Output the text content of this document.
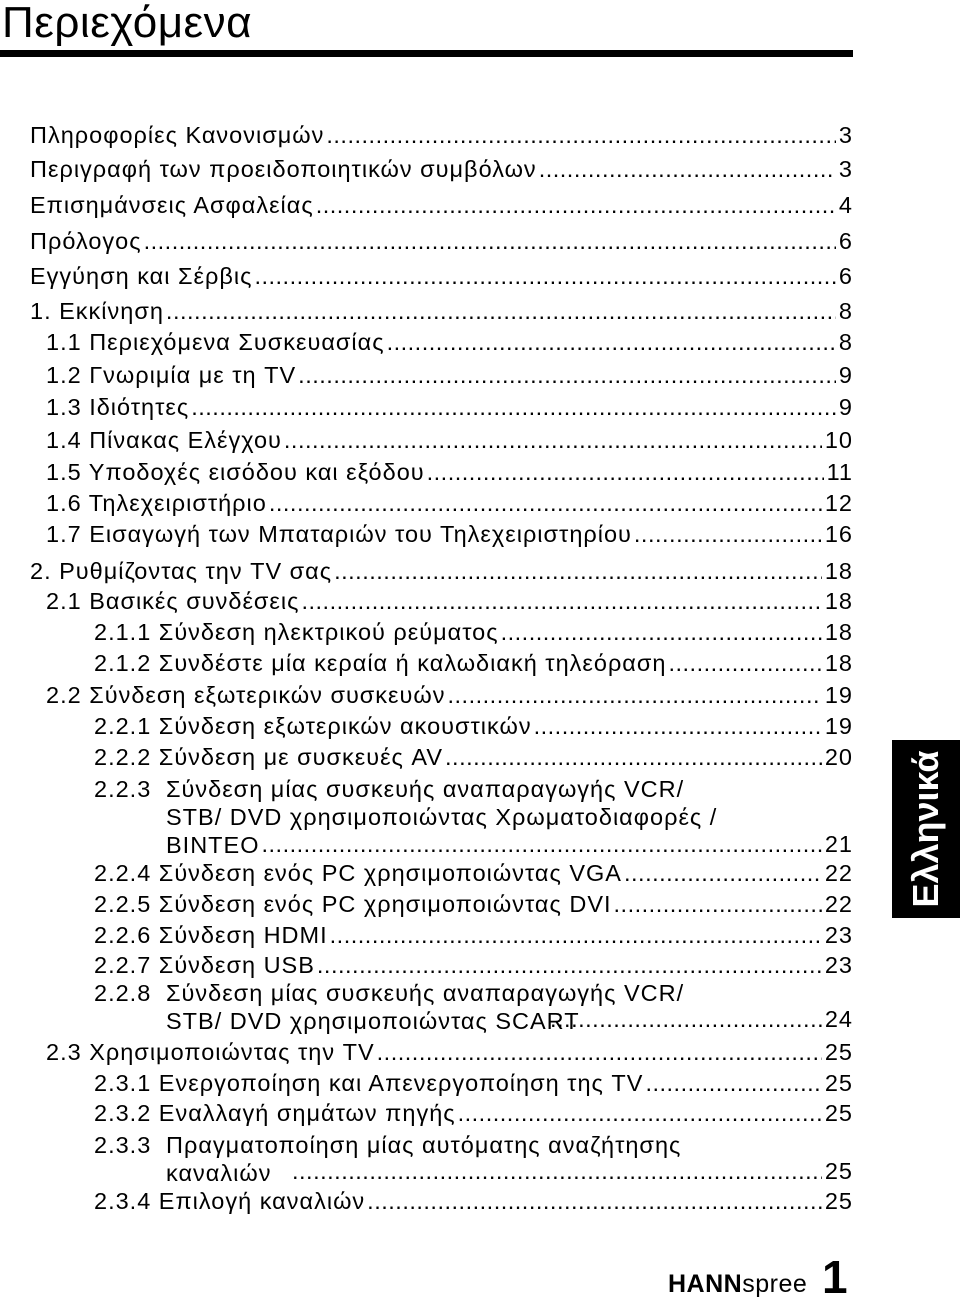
Περιεχόμενα
Πληροφορίες Κανονισμών .....	3
Περιγραφή των προειδοποιητικών συμβόλων .....	3
Επισημάνσεις Ασφαλείας .....	4
Πρόλογος .....	6
Εγγύηση και Σέρβις .....	6
1. Εκκίνηση .....	8
1.1 Περιεχόμενα Συσκευασίας .....	8
1.2 Γνωριμία με τη TV .....	9
1.3 Ιδιότητες .....	9
1.4 Πίνακας Ελέγχου .....	10
1.5 Υποδοχές εισόδου και εξόδου .....	11
1.6 Τηλεχειριστήριο .....	12
1.7 Εισαγωγή των Μπαταριών του Τηλεχειριστηρίου .....	16
2. Ρυθμίζοντας την TV σας .....	18
2.1 Βασικές συνδέσεις .....	18
2.1.1 Σύνδεση ηλεκτρικού ρεύματος .....	18
2.1.2 Συνδέστε μία κεραία ή καλωδιακή τηλεόραση .....	18
2.2 Σύνδεση εξωτερικών συσκευών .....	19
2.2.1 Σύνδεση εξωτερικών ακουστικών .....	19
2.2.2 Σύνδεση με συσκευές AV .....	20
2.2.3 Σύνδεση μίας συσκευής αναπαραγωγής VCR/ STB/ DVD χρησιμοποιώντας Χρωματοδιαφορές / ΒΙΝΤΕΟ .....	21
2.2.4 Σύνδεση ενός PC χρησιμοποιώντας VGA .....	22
2.2.5 Σύνδεση ενός PC χρησιμοποιώντας DVI .....	22
2.2.6 Σύνδεση HDMI .....	23
2.2.7 Σύνδεση USB .....	23
2.2.8 Σύνδεση μίας συσκευής αναπαραγωγής VCR/ STB/ DVD χρησιμοποιώντας SCART .....	24
2.3 Χρησιμοποιώντας την TV .....	25
2.3.1 Ενεργοποίηση και Απενεργοποίηση της TV .....	25
2.3.2 Εναλλαγή σημάτων πηγής .....	25
2.3.3 Πραγματοποίηση μίας αυτόματης αναζήτησης καναλιών .....	25
2.3.4 Επιλογή καναλιών .....	25
Ελληνικά
HANNspree 1
